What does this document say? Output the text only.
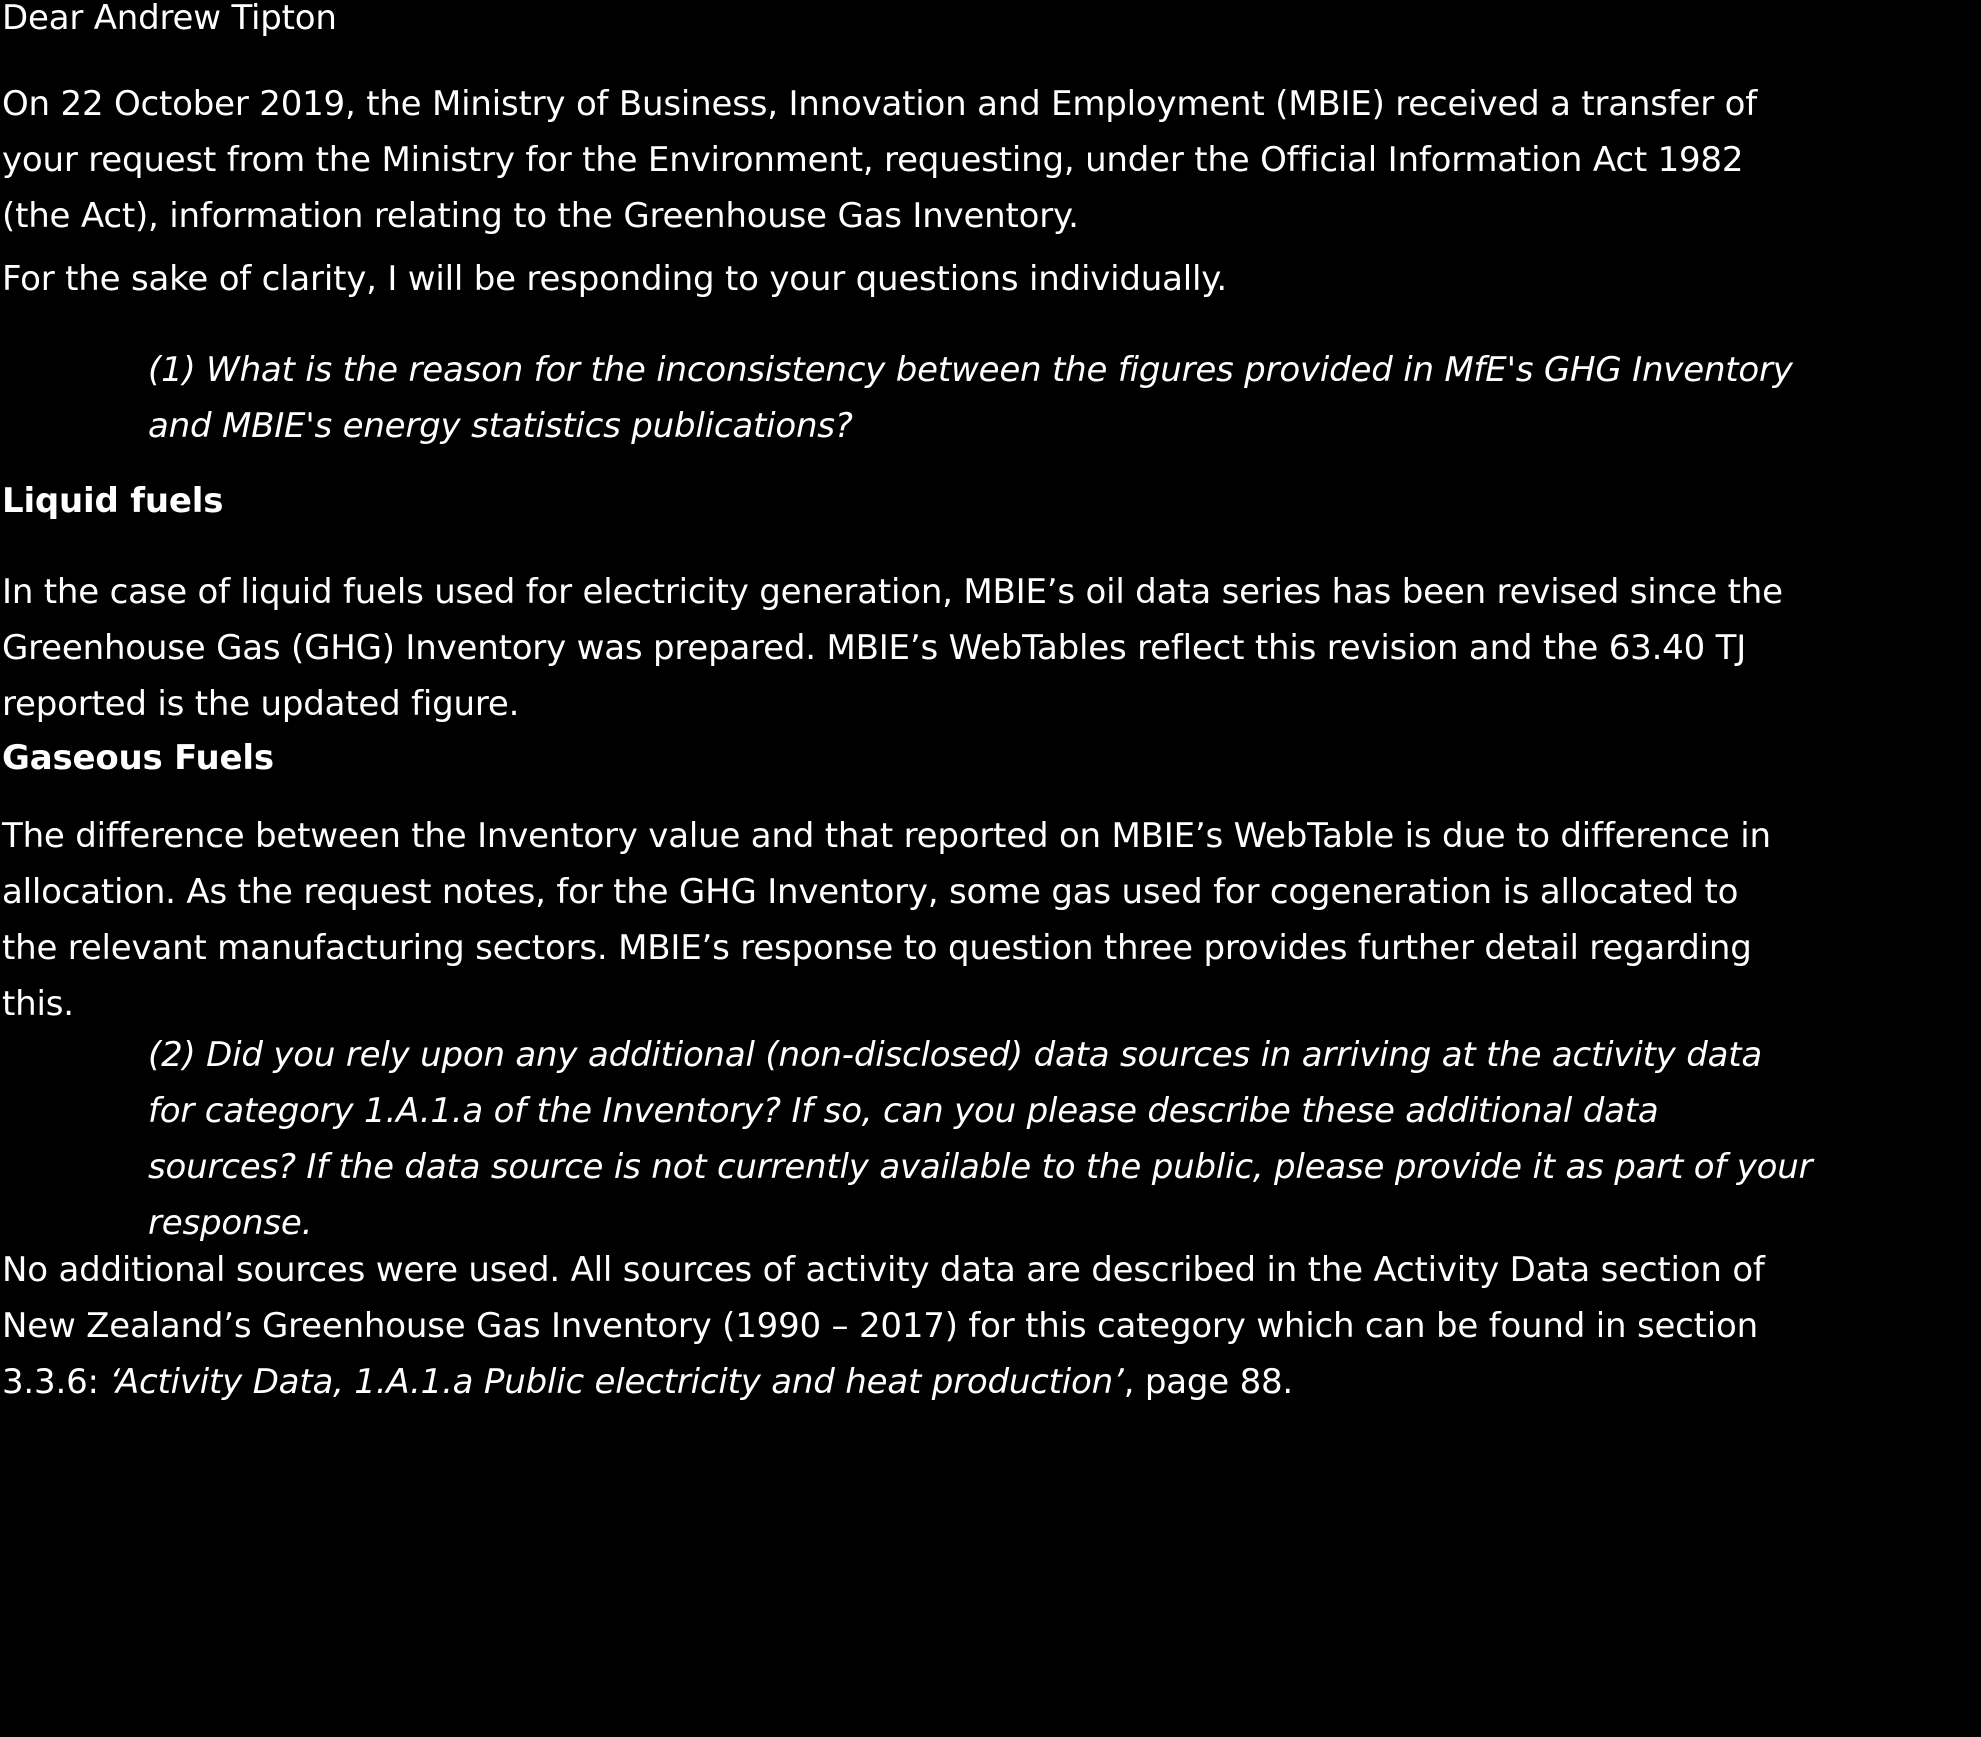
Dear Andrew Tipton

On 22 October 2019, the Ministry of Business, Innovation and Employment (MBIE) received a transfer of
your request from the Ministry for the Environment, requesting, under the Official Information Act 1982
(the Act), information relating to the Greenhouse Gas Inventory.

For the sake of clarity, I will be responding to your questions individually.

(1) What is the reason for the inconsistency between the figures provided in MfE's GHG Inventory
and MBIE's energy statistics publications?

Liquid fuels

In the case of liquid fuels used for electricity generation, MBIE’s oil data series has been revised since the
Greenhouse Gas (GHG) Inventory was prepared. MBIE’s WebTables reflect this revision and the 63.40 TJ
reported is the updated figure.

Gaseous Fuels

The difference between the Inventory value and that reported on MBIE’s WebTable is due to difference in
allocation. As the request notes, for the GHG Inventory, some gas used for cogeneration is allocated to
the relevant manufacturing sectors. MBIE’s response to question three provides further detail regarding
this.

(2) Did you rely upon any additional (non-disclosed) data sources in arriving at the activity data
for category 1.A.1.a of the Inventory? If so, can you please describe these additional data
sources? If the data source is not currently available to the public, please provide it as part of your
response.

No additional sources were used. All sources of activity data are described in the Activity Data section of
New Zealand’s Greenhouse Gas Inventory (1990 – 2017) for this category which can be found in section
3.3.6: ‘Activity Data, 1.A.1.a Public electricity and heat production’, page 88.
